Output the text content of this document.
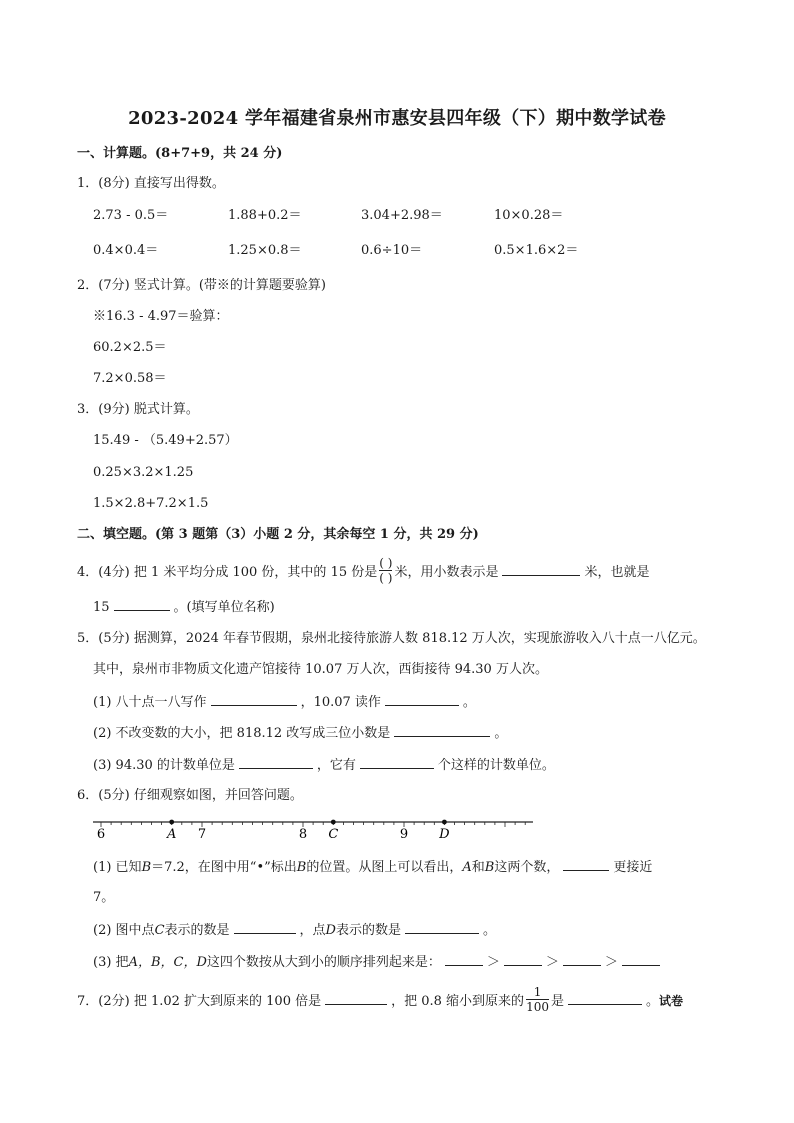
2023-2024 学年福建省泉州市惠安县四年级（下）期中数学试卷
一、计算题。(8+7+9，共 24 分)
1．(8分) 直接写出得数。
2.73 - 0.5＝	1.88+0.2＝	3.04+2.98＝	10×0.28＝
0.4×0.4＝	1.25×0.8＝	0.6÷10＝	0.5×1.6×2＝
2．(7分) 竖式计算。(带※的计算题要验算)
※16.3 - 4.97＝验算：
60.2×2.5＝
7.2×0.58＝
3．(9分) 脱式计算。
15.49 - （5.49+2.57）
0.25×3.2×1.25
1.5×2.8+7.2×1.5
二、填空题。(第 3 题第（3）小题 2 分，其余每空 1 分，共 29 分)
4．(4分) 把 1 米平均分成 100 份，其中的 15 份是 $\frac{( )}{( )}$ 米，用小数表示是	米，也就是
15	。(填写单位名称)
5．(5分) 据测算，2024 年春节假期，泉州北接待旅游人数 818.12 万人次，实现旅游收入八十点一八亿元。
其中，泉州市非物质文化遗产馆接待 10.07 万人次，西街接待 94.30 万人次。
(1) 八十点一八写作	，10.07 读作	。
(2) 不改变数的大小，把 818.12 改写成三位小数是	。
(3) 94.30 的计数单位是	，它有	个这样的计数单位。
6．(5分) 仔细观察如图，并回答问题。
6	7	8	9
A	C	D
(1) 已知B＝7.2，在图中用“•”标出B的位置。从图上可以看出，A和B这两个数，	更接近
7。
(2) 图中点C表示的数是	，点D表示的数是	。
(3) 把A，B，C，D这四个数按从大到小的顺序排列起来是：	＞	＞	＞
7．(2分) 把 1.02 扩大到原来的 100 倍是	，把 0.8 缩小到原来的 $\frac{1}{100}$ 是	。试卷
